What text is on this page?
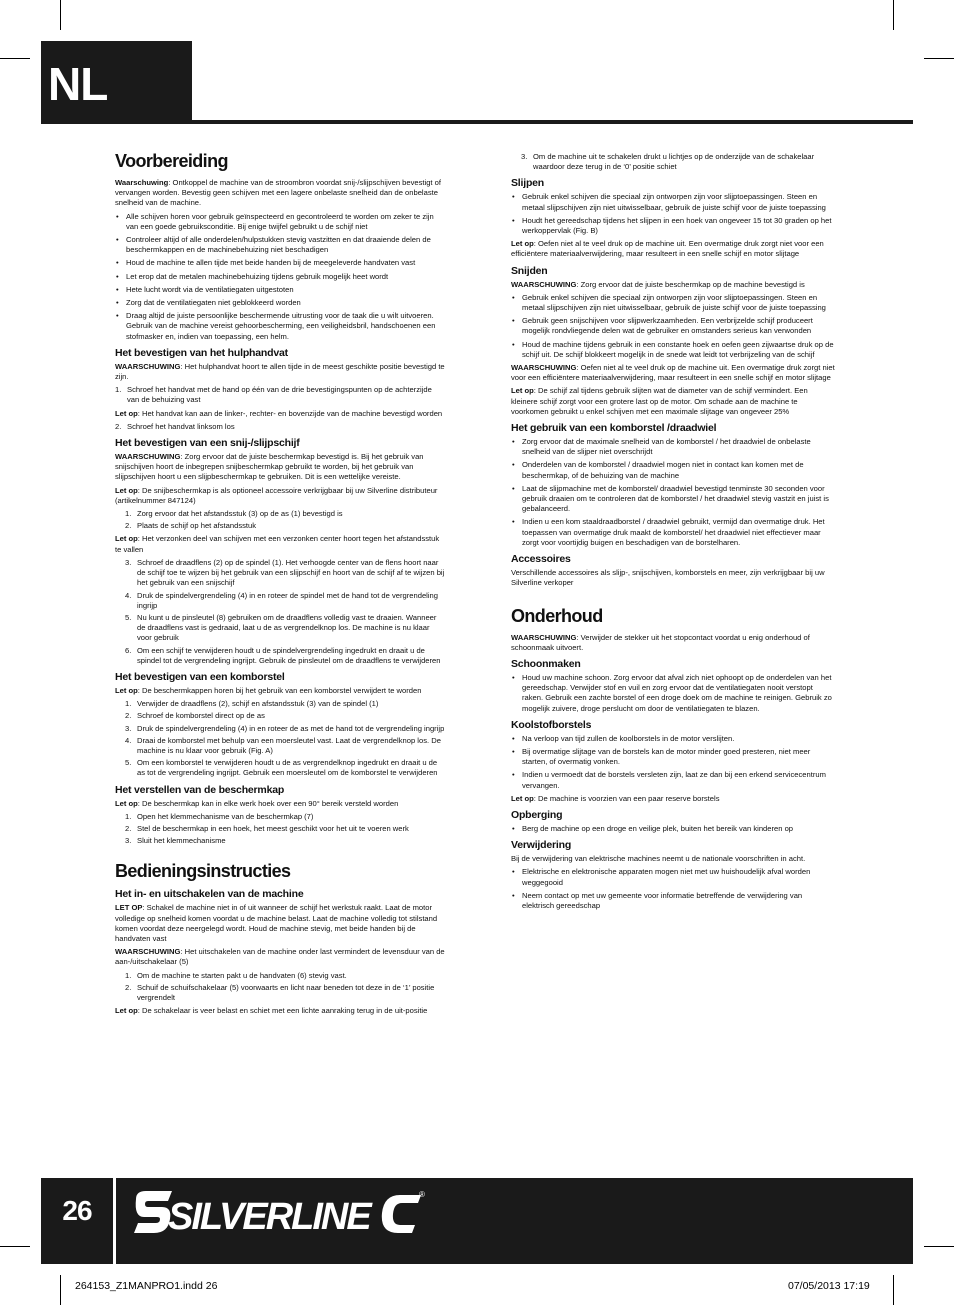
NL
Voorbereiding

Waarschuwing: Ontkoppel de machine van de stroombron voordat snij-/slijpschijven bevestigt of vervangen worden. Bevestig geen schijven met een lagere onbelaste snelheid dan de onbelaste snelheid van de machine.

• Alle schijven horen voor gebruik geïnspecteerd en gecontroleerd te worden om zeker te zijn van een goede gebruiksconditie. Bij enige twijfel gebruikt u de schijf niet
• Controleer altijd of alle onderdelen/hulpstukken stevig vastzitten en dat draaiende delen de beschermkappen en de machinebehuizing niet beschadigen
• Houd de machine te allen tijde met beide handen bij de meegeleverde handvaten vast
• Let erop dat de metalen machinebehuizing tijdens gebruik mogelijk heet wordt
• Hete lucht wordt via de ventilatiegaten uitgestoten
• Zorg dat de ventilatiegaten niet geblokkeerd worden
• Draag altijd de juiste persoonlijke beschermende uitrusting voor de taak die u wilt uitvoeren. Gebruik van de machine vereist gehoorbescherming, een veiligheidsbril, handschoenen een stofmasker en, indien van toepassing, een helm.
Het bevestigen van het hulphandvat

WAARSCHUWING: Het hulphandvat hoort te allen tijde in de meest geschikte positie bevestigd te zijn.

1. Schroef het handvat met de hand op één van de drie bevestigingspunten op de achterzijde van de behuizing vast

Let op: Het handvat kan aan de linker-, rechter- en bovenzijde van de machine bevestigd worden

2. Schroef het handvat linksom los
Het bevestigen van een snij-/slijpschijf

WAARSCHUWING: Zorg ervoor dat de juiste beschermkap bevestigd is. Bij het gebruik van snijschijven hoort de inbegrepen snijbeschermkap gebruikt te worden, bij het gebruik van slijpschijven hoort u een slijpbeschermkap te gebruiken. Dit is een wettelijke vereiste.

Let op: De snijbeschermkap is als optioneel accessoire verkrijgbaar bij uw Silverline distributeur (artikelnummer 847124)

1. Zorg ervoor dat het afstandsstuk (3) op de as (1) bevestigd is
2. Plaats de schijf op het afstandsstuk

Let op: Het verzonken deel van schijven met een verzonken center hoort tegen het afstandsstuk te vallen

3. Schroef de draadflens (2) op de spindel (1). Het verhoogde center van de flens hoort naar de schijf toe te wijzen bij het gebruik van een slijpschijf en hoort van de schijf af te wijzen bij het gebruik van een snijschijf
4. Druk de spindelvergrendeling (4) in en roteer de spindel met de hand tot de vergrendeling ingrijp
5. Nu kunt u de pinsleutel (8) gebruiken om de draadflens volledig vast te draaien. Wanneer de draadflens vast is gedraaid, laat u de as vergrendelknop los. De machine is nu klaar voor gebruik
6. Om een schijf te verwijderen houdt u de spindelvergrendeling ingedrukt en draait u de spindel tot de vergrendeling ingrijpt. Gebruik de pinsleutel om de draadflens te verwijderen
Het bevestigen van een komborstel

Let op: De beschermkappen horen bij het gebruik van een komborstel verwijdert te worden

1. Verwijder de draadflens (2), schijf en afstandsstuk (3) van de spindel (1)
2. Schroef de komborstel direct op de as
3. Druk de spindelvergrendeling (4) in en roteer de as met de hand tot de vergrendeling ingrijp
4. Draai de komborstel met behulp van een moersleutel vast. Laat de vergrendelknop los. De machine is nu klaar voor gebruik (Fig. A)
5. Om een komborstel te verwijderen houdt u de as vergrendelknop ingedrukt en draait u de as tot de vergrendeling ingrijpt. Gebruik een moersleutel om de komborstel te verwijderen
Het verstellen van de beschermkap

Let op: De beschermkap kan in elke werk hoek over een 90° bereik versteld worden

1. Open het klemmechanisme van de beschermkap (7)
2. Stel de beschermkap in een hoek, het meest geschikt voor het uit te voeren werk
3. Sluit het klemmechanisme
Bedieningsinstructies
Het in- en uitschakelen van de machine

LET OP: Schakel de machine niet in of uit wanneer de schijf het werkstuk raakt. Laat de motor volledige op snelheid komen voordat u de machine belast. Laat de machine volledig tot stilstand komen voordat deze neergelegd wordt. Houd de machine stevig, met beide handen bij de handvaten vast

WAARSCHUWING: Het uitschakelen van de machine onder last vermindert de levensduur van de aan-/uitschakelaar (5)

1. Om de machine te starten pakt u de handvaten (6) stevig vast.
2. Schuif de schuifschakelaar (5) voorwaarts en licht naar beneden tot deze in de ‘1’ positie vergrendelt

Let op: De schakelaar is veer belast en schiet met een lichte aanraking terug in de uit-positie

3. Om de machine uit te schakelen drukt u lichtjes op de onderzijde van de schakelaar waardoor deze terug in de ‘0’ positie schiet
Slijpen
• Gebruik enkel schijven die speciaal zijn ontworpen zijn voor slijptoepassingen. Steen en metaal slijpschijven zijn niet uitwisselbaar, gebruik de juiste schijf voor de juiste toepassing
• Houdt het gereedschap tijdens het slijpen in een hoek van ongeveer 15 tot 30 graden op het werkoppervlak (Fig. B)

Let op: Oefen niet al te veel druk op de machine uit. Een overmatige druk zorgt niet voor een efficiëntere materiaalverwijdering, maar resulteert in een snelle schijf en motor slijtage

Snijden

WAARSCHUWING: Zorg ervoor dat de juiste beschermkap op de machine bevestigd is

• Gebruik enkel schijven die speciaal zijn ontworpen zijn voor slijptoepassingen. Steen en metaal slijpschijven zijn niet uitwisselbaar, gebruik de juiste schijf voor de juiste toepassing
• Gebruik geen snijschijven voor slijpwerkzaamheden. Een verbrijzelde schijf produceert mogelijk rondvliegende delen wat de gebruiker en omstanders serieus kan verwonden
• Houd de machine tijdens gebruik in een constante hoek en oefen geen zijwaartse druk op de schijf uit. De schijf blokkeert mogelijk in de snede wat leidt tot verbrijzeling van de schijf

WAARSCHUWING: Oefen niet al te veel druk op de machine uit. Een overmatige druk zorgt niet voor een efficiëntere materiaalverwijdering, maar resulteert in een snelle schijf en motor slijtage

Let op: De schijf zal tijdens gebruik slijten wat de diameter van de schijf vermindert. Een kleinere schijf zorgt voor een grotere last op de motor. Om schade aan de machine te voorkomen gebruikt u enkel schijven met een maximale slijtage van ongeveer 25%

Het gebruik van een komborstel /draadwiel
• Zorg ervoor dat de maximale snelheid van de komborstel / het draadwiel de onbelaste snelheid van de slijper niet overschrijdt
• Onderdelen van de komborstel / draadwiel mogen niet in contact kan komen met de beschermkap, of de behuizing van de machine
• Laat de slijpmachine met de komborstel/ draadwiel bevestigd tenminste 30 seconden voor gebruik draaien om te controleren dat de komborstel / het draadwiel stevig vastzit en juist is gebalanceerd.
• Indien u een kom staaldraadborstel / draadwiel gebruikt, vermijd dan overmatige druk. Het toepassen van overmatige druk maakt de komborstel/ het draadwiel niet effectiever maar zorgt voor voortijdig buigen en beschadigen van de borstelharen.
Accessoires

Verschillende accessoires als slijp-, snijschijven, komborstels en meer, zijn verkrijgbaar bij uw Silverline verkoper

Onderhoud

WAARSCHUWING: Verwijder de stekker uit het stopcontact voordat u enig onderhoud of schoonmaak uitvoert.

Schoonmaken
• Houd uw machine schoon. Zorg ervoor dat afval zich niet ophoopt op de onderdelen van het gereedschap. Verwijder stof en vuil en zorg ervoor dat de ventilatiegaten nooit verstopt raken. Gebruik een zachte borstel of een droge doek om de machine te reinigen. Gebruik zo mogelijk zuivere, droge perslucht om door de ventilatiegaten te blazen.
Koolstofborstels
• Na verloop van tijd zullen de koolborstels in de motor verslijten.
• Bij overmatige slijtage van de borstels kan de motor minder goed presteren, niet meer starten, of overmatig vonken.
• Indien u vermoedt dat de borstels versleten zijn, laat ze dan bij een erkend servicecentrum vervangen.

Let op: De machine is voorzien van een paar reserve borstels

Opberging
• Berg de machine op een droge en veilige plek, buiten het bereik van kinderen op
Verwijdering

Bij de verwijdering van elektrische machines neemt u de nationale voorschriften in acht.

• Elektrische en elektronische apparaten mogen niet met uw huishoudelijk afval worden weggegooid
• Neem contact op met uw gemeente voor informatie betreffende de verwijdering van elektrisch gereedschap
26	SILVERLINE
®
264153_Z1MANPRO1.indd 26	07/05/2013 17:19
